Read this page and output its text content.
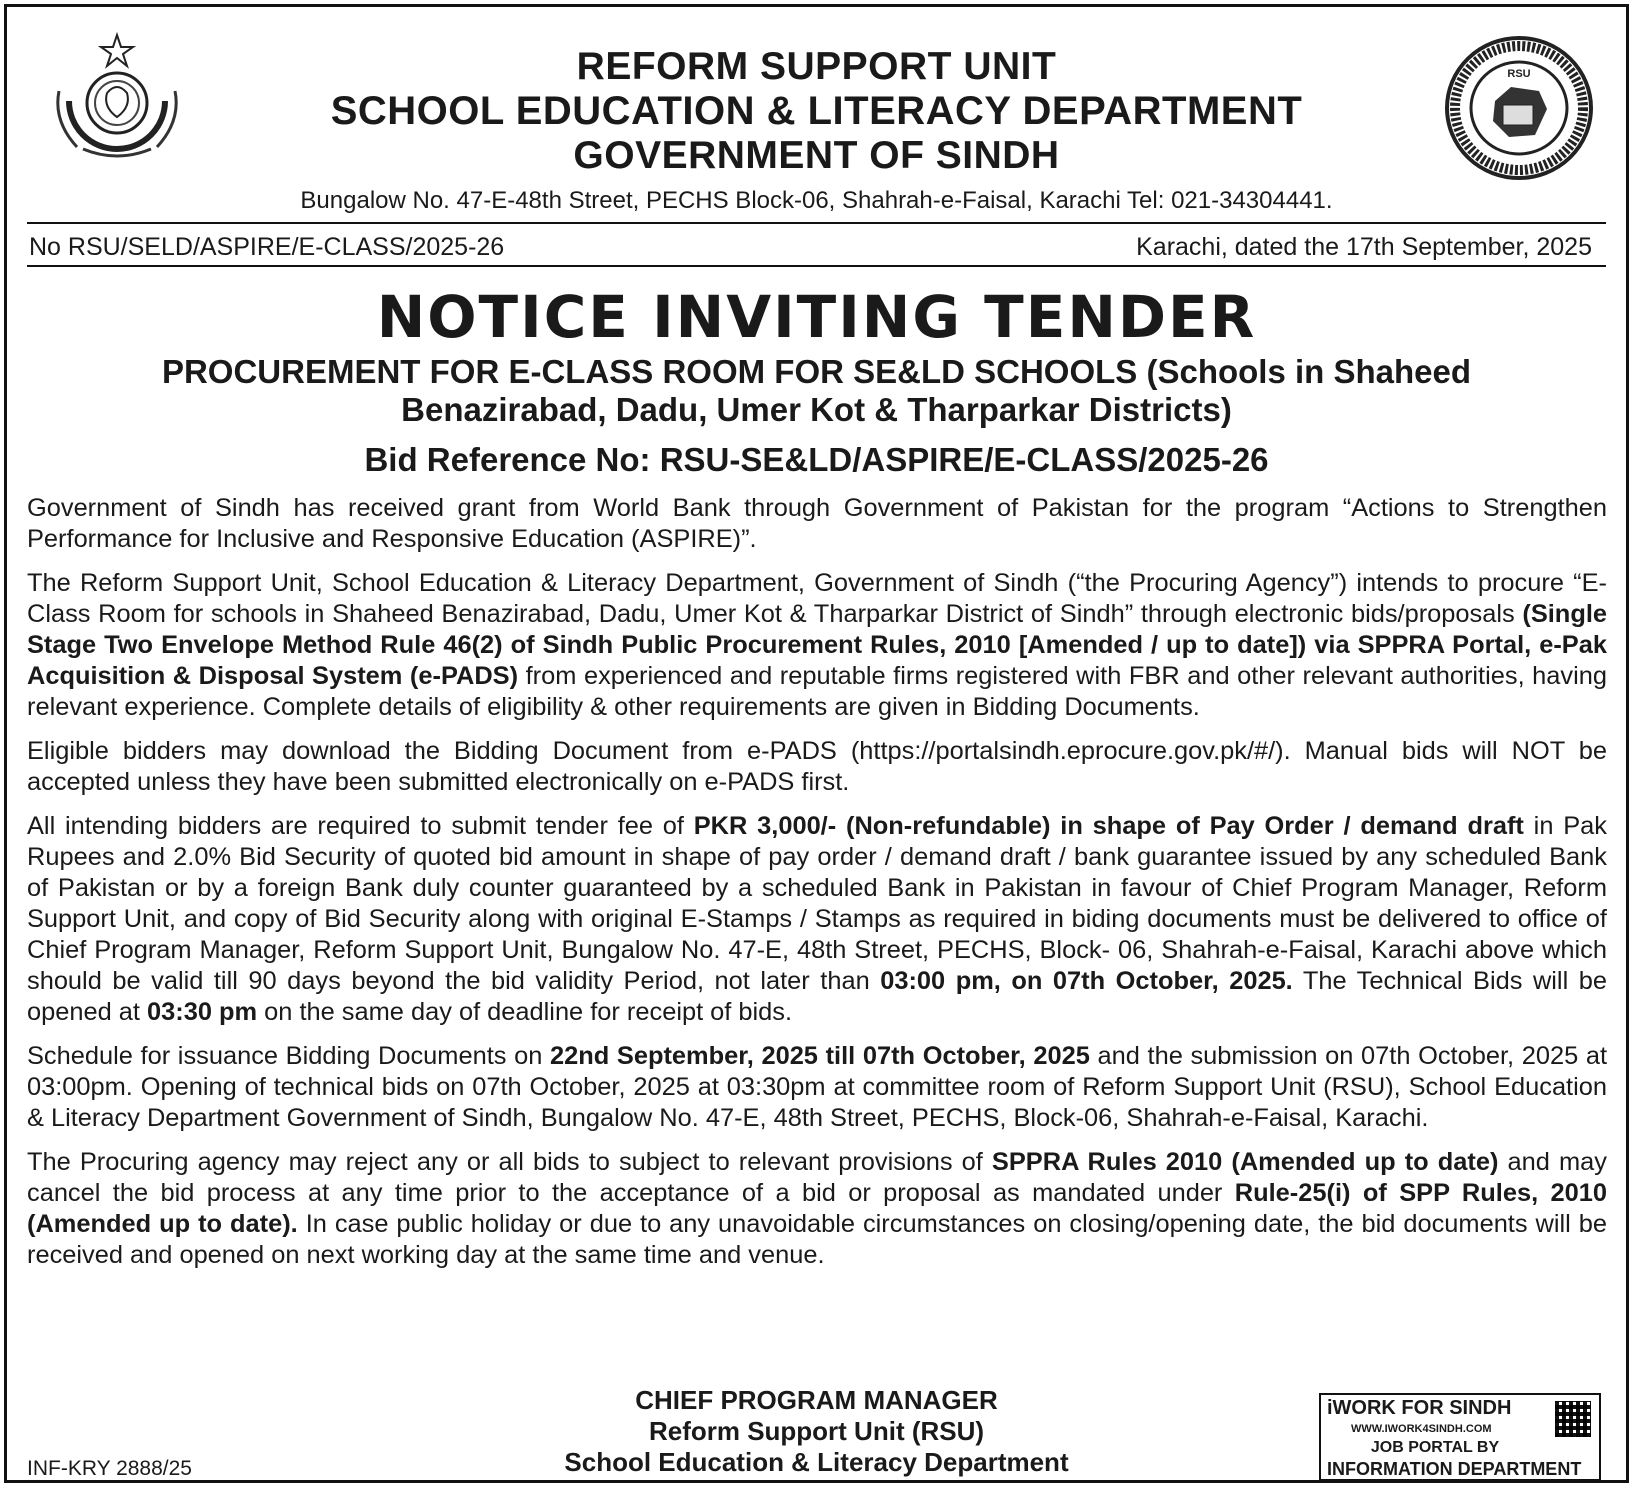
RSU
REFORM SUPPORT UNIT
SCHOOL EDUCATION & LITERACY DEPARTMENT
GOVERNMENT OF SINDH
Bungalow No. 47-E-48th Street, PECHS Block-06, Shahrah-e-Faisal, Karachi Tel: 021-34304441.
No RSU/SELD/ASPIRE/E-CLASS/2025-26	Karachi, dated the 17th September, 2025
NOTICE INVITING TENDER
PROCUREMENT FOR E-CLASS ROOM FOR SE&LD SCHOOLS (Schools in Shaheed Benazirabad, Dadu, Umer Kot & Tharparkar Districts)
Bid Reference No: RSU-SE&LD/ASPIRE/E-CLASS/2025-26

Government of Sindh has received grant from World Bank through Government of Pakistan for the program “Actions to Strengthen Performance for Inclusive and Responsive Education (ASPIRE)”.

The Reform Support Unit, School Education & Literacy Department, Government of Sindh (“the Procuring Agency”) intends to procure “E-Class Room for schools in Shaheed Benazirabad, Dadu, Umer Kot & Tharparkar District of Sindh” through electronic bids/proposals (Single Stage Two Envelope Method Rule 46(2) of Sindh Public Procurement Rules, 2010 [Amended / up to date]) via SPPRA Portal, e-Pak Acquisition & Disposal System (e-PADS) from experienced and reputable firms registered with FBR and other relevant authorities, having relevant experience. Complete details of eligibility & other requirements are given in Bidding Documents.

Eligible bidders may download the Bidding Document from e-PADS (https://portalsindh.eprocure.gov.pk/#/). Manual bids will NOT be accepted unless they have been submitted electronically on e-PADS first.

All intending bidders are required to submit tender fee of PKR 3,000/- (Non-refundable) in shape of Pay Order / demand draft in Pak Rupees and 2.0% Bid Security of quoted bid amount in shape of pay order / demand draft / bank guarantee issued by any scheduled Bank of Pakistan or by a foreign Bank duly counter guaranteed by a scheduled Bank in Pakistan in favour of Chief Program Manager, Reform Support Unit, and copy of Bid Security along with original E-Stamps / Stamps as required in biding documents must be delivered to office of Chief Program Manager, Reform Support Unit, Bungalow No. 47-E, 48th Street, PECHS, Block- 06, Shahrah-e-Faisal, Karachi above which should be valid till 90 days beyond the bid validity Period, not later than 03:00 pm, on 07th October, 2025. The Technical Bids will be opened at 03:30 pm on the same day of deadline for receipt of bids.

Schedule for issuance Bidding Documents on 22nd September, 2025 till 07th October, 2025 and the submission on 07th October, 2025 at 03:00pm. Opening of technical bids on 07th October, 2025 at 03:30pm at committee room of Reform Support Unit (RSU), School Education & Literacy Department Government of Sindh, Bungalow No. 47-E, 48th Street, PECHS, Block-06, Shahrah-e-Faisal, Karachi.

The Procuring agency may reject any or all bids to subject to relevant provisions of SPPRA Rules 2010 (Amended up to date) and may cancel the bid process at any time prior to the acceptance of a bid or proposal as mandated under Rule-25(i) of SPP Rules, 2010 (Amended up to date). In case public holiday or due to any unavoidable circumstances on closing/opening date, the bid documents will be received and opened on next working day at the same time and venue.

CHIEF PROGRAM MANAGER
Reform Support Unit (RSU)
School Education & Literacy Department
INF-KRY 2888/25
iWORK FOR SINDH
WWW.IWORK4SINDH.COM
JOB PORTAL BY
INFORMATION DEPARTMENT
